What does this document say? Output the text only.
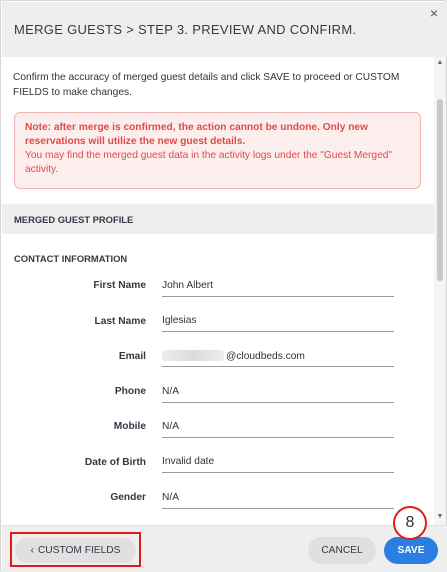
MERGE GUESTS > STEP 3. PREVIEW AND CONFIRM.
×
Confirm the accuracy of merged guest details and click SAVE to proceed or CUSTOM FIELDS to make changes.
Note: after merge is confirmed, the action cannot be undone. Only new reservations will utilize the new guest details.
You may find the merged guest data in the activity logs under the "Guest Merged" activity.
MERGED GUEST PROFILE
CONTACT INFORMATION
First Name John Albert
Last Name Iglesias
Email	@cloudbeds.com
Phone N/A
Mobile N/A
Date of Birth Invalid date
Gender N/A
▲
▼
‹ CUSTOM FIELDS	CANCEL	SAVE
8
